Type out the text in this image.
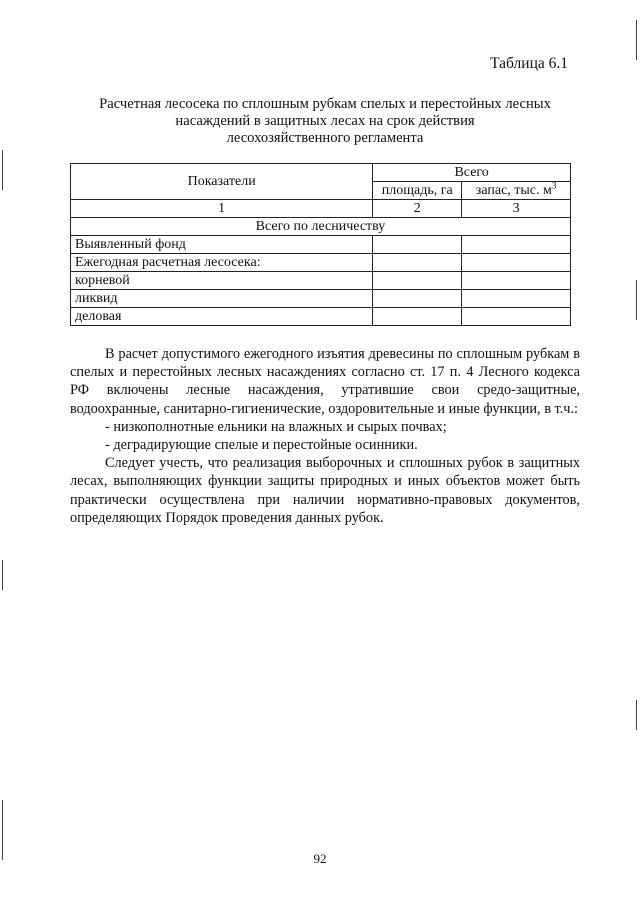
Таблица 6.1
Расчетная лесосека по сплошным рубкам спелых и перестойных лесных
насаждений в защитных лесах на срок действия
лесохозяйственного регламента
Показатели	Всего	
	площадь, га	запас, тыс. $м^3$
1	2	3
Всего по лесничеству		
Выявленный фонд		
Ежегодная расчетная лесосека:		
корневой		
ликвид		
деловая		

В расчет допустимого ежегодного изъятия древесины по сплошным рубкам в спелых и перестойных лесных насаждениях согласно ст. 17 п. 4 Лесного кодекса РФ включены лесные насаждения, утратившие свои средо-защитные, водоохранные, санитарно-гигиенические, оздоровительные и иные функции, в т.ч.:

- низкополнотные ельники на влажных и сырых почвах;

- деградирующие спелые и перестойные осинники.

Следует учесть, что реализация выборочных и сплошных рубок в защитных лесах, выполняющих функции защиты природных и иных объектов может быть практически осуществлена при наличии нормативно-правовых документов, определяющих Порядок проведения данных рубок.

92
